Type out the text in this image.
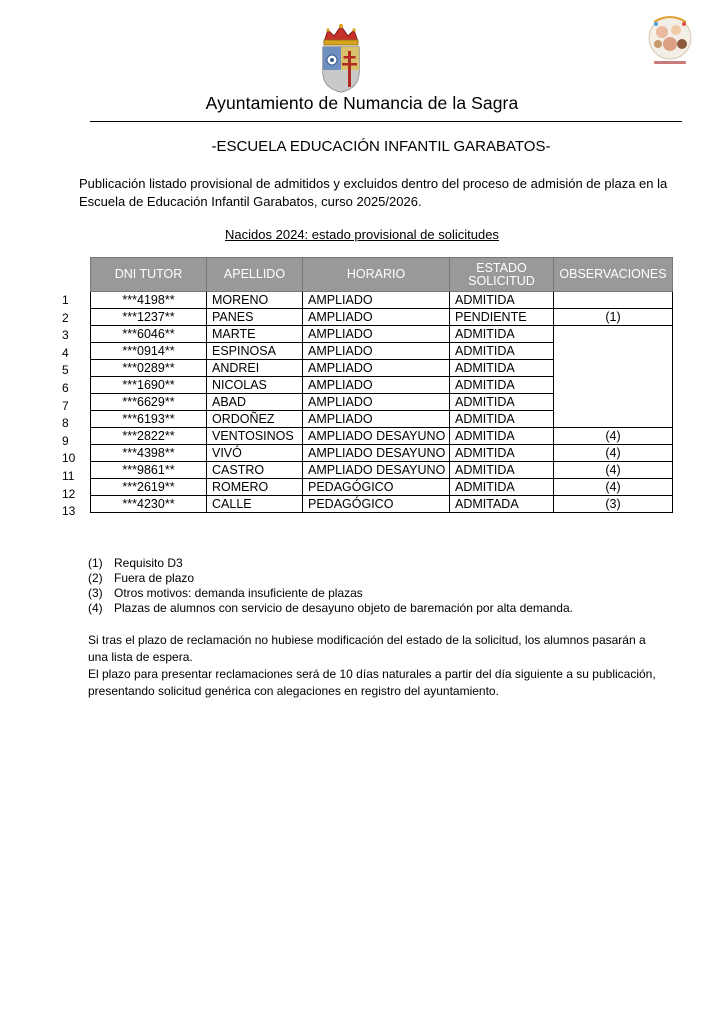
Ayuntamiento de Numancia de la Sagra
-ESCUELA EDUCACIÓN INFANTIL GARABATOS-
Publicación listado provisional de admitidos y excluidos dentro del proceso de admisión de plaza en la Escuela de Educación Infantil Garabatos, curso 2025/2026.
Nacidos 2024: estado provisional de solicitudes
1
2
3
4
5
6
7
8
9
10
11
12
13
DNI TUTOR	APELLIDO	HORARIO	ESTADO SOLICITUD	OBSERVACIONES
***4198**	MORENO	AMPLIADO	ADMITIDA	
***1237**	PANES	AMPLIADO	PENDIENTE	(1)
***6046**	MARTE	AMPLIADO	ADMITIDA	
***0914**	ESPINOSA	AMPLIADO	ADMITIDA	
***0289**	ANDREI	AMPLIADO	ADMITIDA	
***1690**	NICOLAS	AMPLIADO	ADMITIDA	
***6629**	ABAD	AMPLIADO	ADMITIDA	
***6193**	ORDOÑEZ	AMPLIADO	ADMITIDA	
***2822**	VENTOSINOS	AMPLIADO DESAYUNO	ADMITIDA	(4)
***4398**	VIVÓ	AMPLIADO DESAYUNO	ADMITIDA	(4)
***9861**	CASTRO	AMPLIADO DESAYUNO	ADMITIDA	(4)
***2619**	ROMERO	PEDAGÓGICO	ADMITIDA	(4)
***4230**	CALLE	PEDAGÓGICO	ADMITADA	(3)
(1) Requisito D3
(2) Fuera de plazo
(3) Otros motivos: demanda insuficiente de plazas
(4) Plazas de alumnos con servicio de desayuno objeto de baremación por alta demanda.
Si tras el plazo de reclamación no hubiese modificación del estado de la solicitud, los alumnos pasarán a una lista de espera.
El plazo para presentar reclamaciones será de 10 días naturales a partir del día siguiente a su publicación, presentando solicitud genérica con alegaciones en registro del ayuntamiento.
